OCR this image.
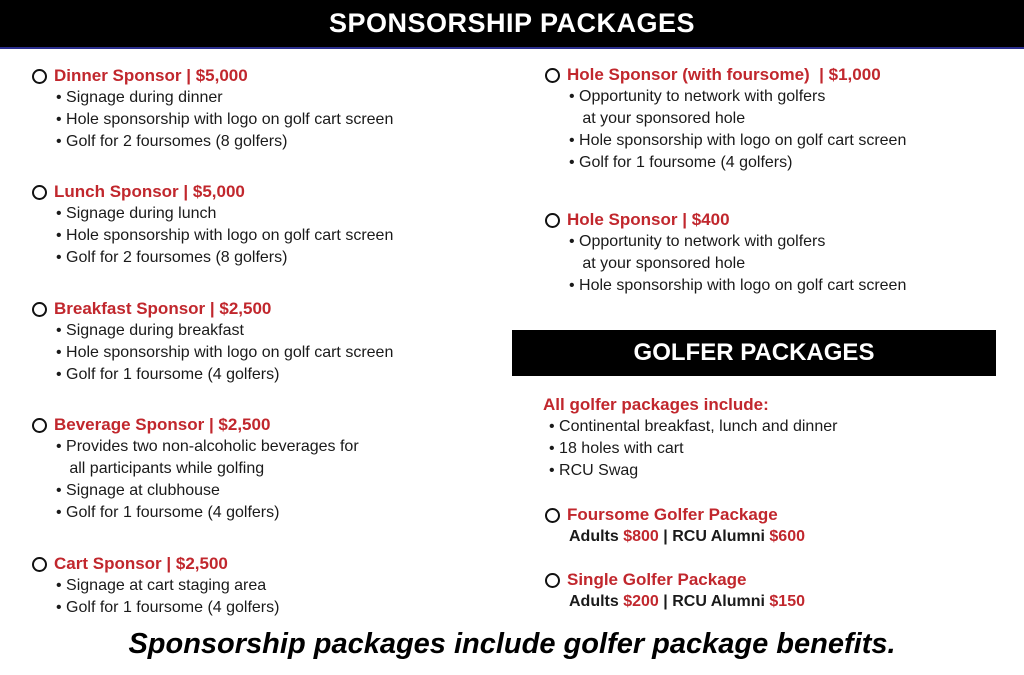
SPONSORSHIP PACKAGES
Dinner Sponsor | $5,000
• Signage during dinner
• Hole sponsorship with logo on golf cart screen
• Golf for 2 foursomes (8 golfers)
Lunch Sponsor | $5,000
• Signage during lunch
• Hole sponsorship with logo on golf cart screen
• Golf for 2 foursomes (8 golfers)
Breakfast Sponsor | $2,500
• Signage during breakfast
• Hole sponsorship with logo on golf cart screen
• Golf for 1 foursome (4 golfers)
Beverage Sponsor | $2,500
• Provides two non-alcoholic beverages for
all participants while golfing
• Signage at clubhouse
• Golf for 1 foursome (4 golfers)
Cart Sponsor | $2,500
• Signage at cart staging area
• Golf for 1 foursome (4 golfers)
Hole Sponsor (with foursome)  | $1,000
• Opportunity to network with golfers
at your sponsored hole
• Hole sponsorship with logo on golf cart screen
• Golf for 1 foursome (4 golfers)
Hole Sponsor | $400
• Opportunity to network with golfers
at your sponsored hole
• Hole sponsorship with logo on golf cart screen
GOLFER PACKAGES
All golfer packages include:
• Continental breakfast, lunch and dinner
• 18 holes with cart
• RCU Swag
Foursome Golfer Package
Adults $800 | RCU Alumni $600
Single Golfer Package
Adults $200 | RCU Alumni $150
Sponsorship packages include golfer package benefits.
